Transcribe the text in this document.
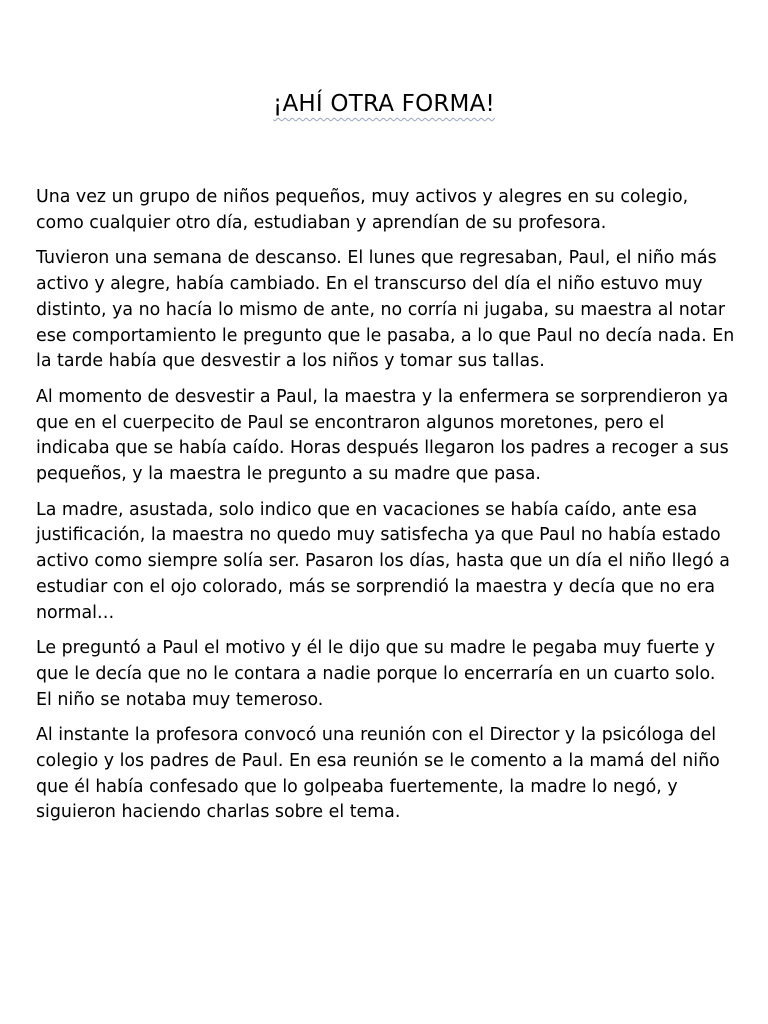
¡AHÍ OTRA FORMA!

Una vez un grupo de niños pequeños, muy activos y alegres en su colegio, como cualquier otro día, estudiaban y aprendían de su profesora.

Tuvieron una semana de descanso. El lunes que regresaban, Paul, el niño más activo y alegre, había cambiado. En el transcurso del día el niño estuvo muy distinto, ya no hacía lo mismo de ante, no corría ni jugaba, su maestra al notar ese comportamiento le pregunto que le pasaba, a lo que Paul no decía nada. En la tarde había que desvestir a los niños y tomar sus tallas.

Al momento de desvestir a Paul, la maestra y la enfermera se sorprendieron ya que en el cuerpecito de Paul se encontraron algunos moretones, pero el indicaba que se había caído. Horas después llegaron los padres a recoger a sus pequeños, y la maestra le pregunto a su madre que pasa.

La madre, asustada, solo indico que en vacaciones se había caído, ante esa justificación, la maestra no quedo muy satisfecha ya que Paul no había estado activo como siempre solía ser. Pasaron los días, hasta que un día el niño llegó a estudiar con el ojo colorado, más se sorprendió la maestra y decía que no era normal…

Le preguntó a Paul el motivo y él le dijo que su madre le pegaba muy fuerte y que le decía que no le contara a nadie porque lo encerraría en un cuarto solo. El niño se notaba muy temeroso.

Al instante la profesora convocó una reunión con el Director y la psicóloga del colegio y los padres de Paul. En esa reunión se le comento a la mamá del niño que él había confesado que lo golpeaba fuertemente, la madre lo negó, y siguieron haciendo charlas sobre el tema.
